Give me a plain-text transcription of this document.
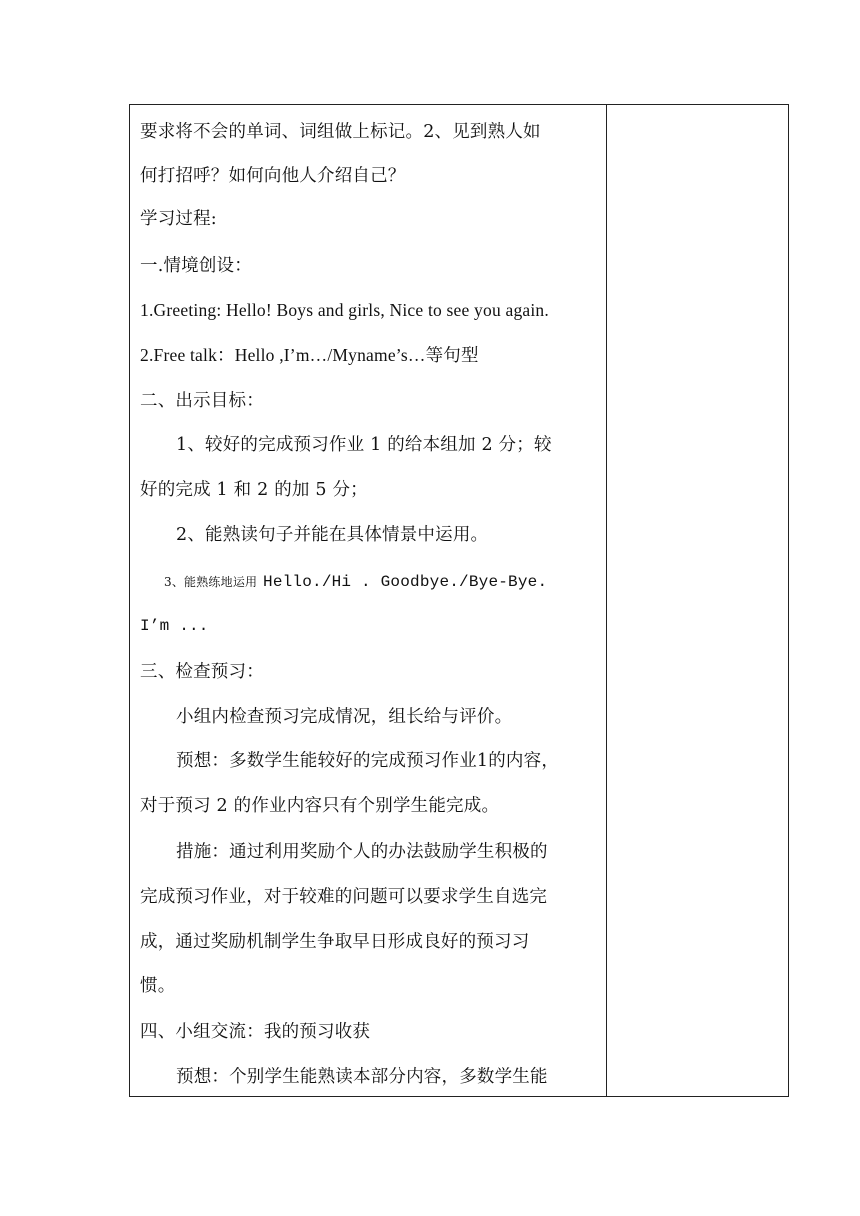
要求将不会的单词、词组做上标记。2、见到熟人如
何打招呼？如何向他人介绍自己？
学习过程:
一.情境创设：
1.Greeting: Hello! Boys and girls, Nice to see you again.
2.Free talk：Hello ,I’m…/Myname’s…等句型
二、出示目标：
1、较好的完成预习作业 1 的给本组加 2 分；较
好的完成 1 和 2 的加 5 分；
2、能熟读句子并能在具体情景中运用。
3、能熟练地运用 Hello./Hi . Goodbye./Bye-Bye.
I’m ...
三、检查预习：
小组内检查预习完成情况，组长给与评价。
预想：多数学生能较好的完成预习作业1的内容，
对于预习 2 的作业内容只有个别学生能完成。
措施：通过利用奖励个人的办法鼓励学生积极的
完成预习作业，对于较难的问题可以要求学生自选完
成，通过奖励机制学生争取早日形成良好的预习习
惯。
四、小组交流：我的预习收获
预想：个别学生能熟读本部分内容，多数学生能
